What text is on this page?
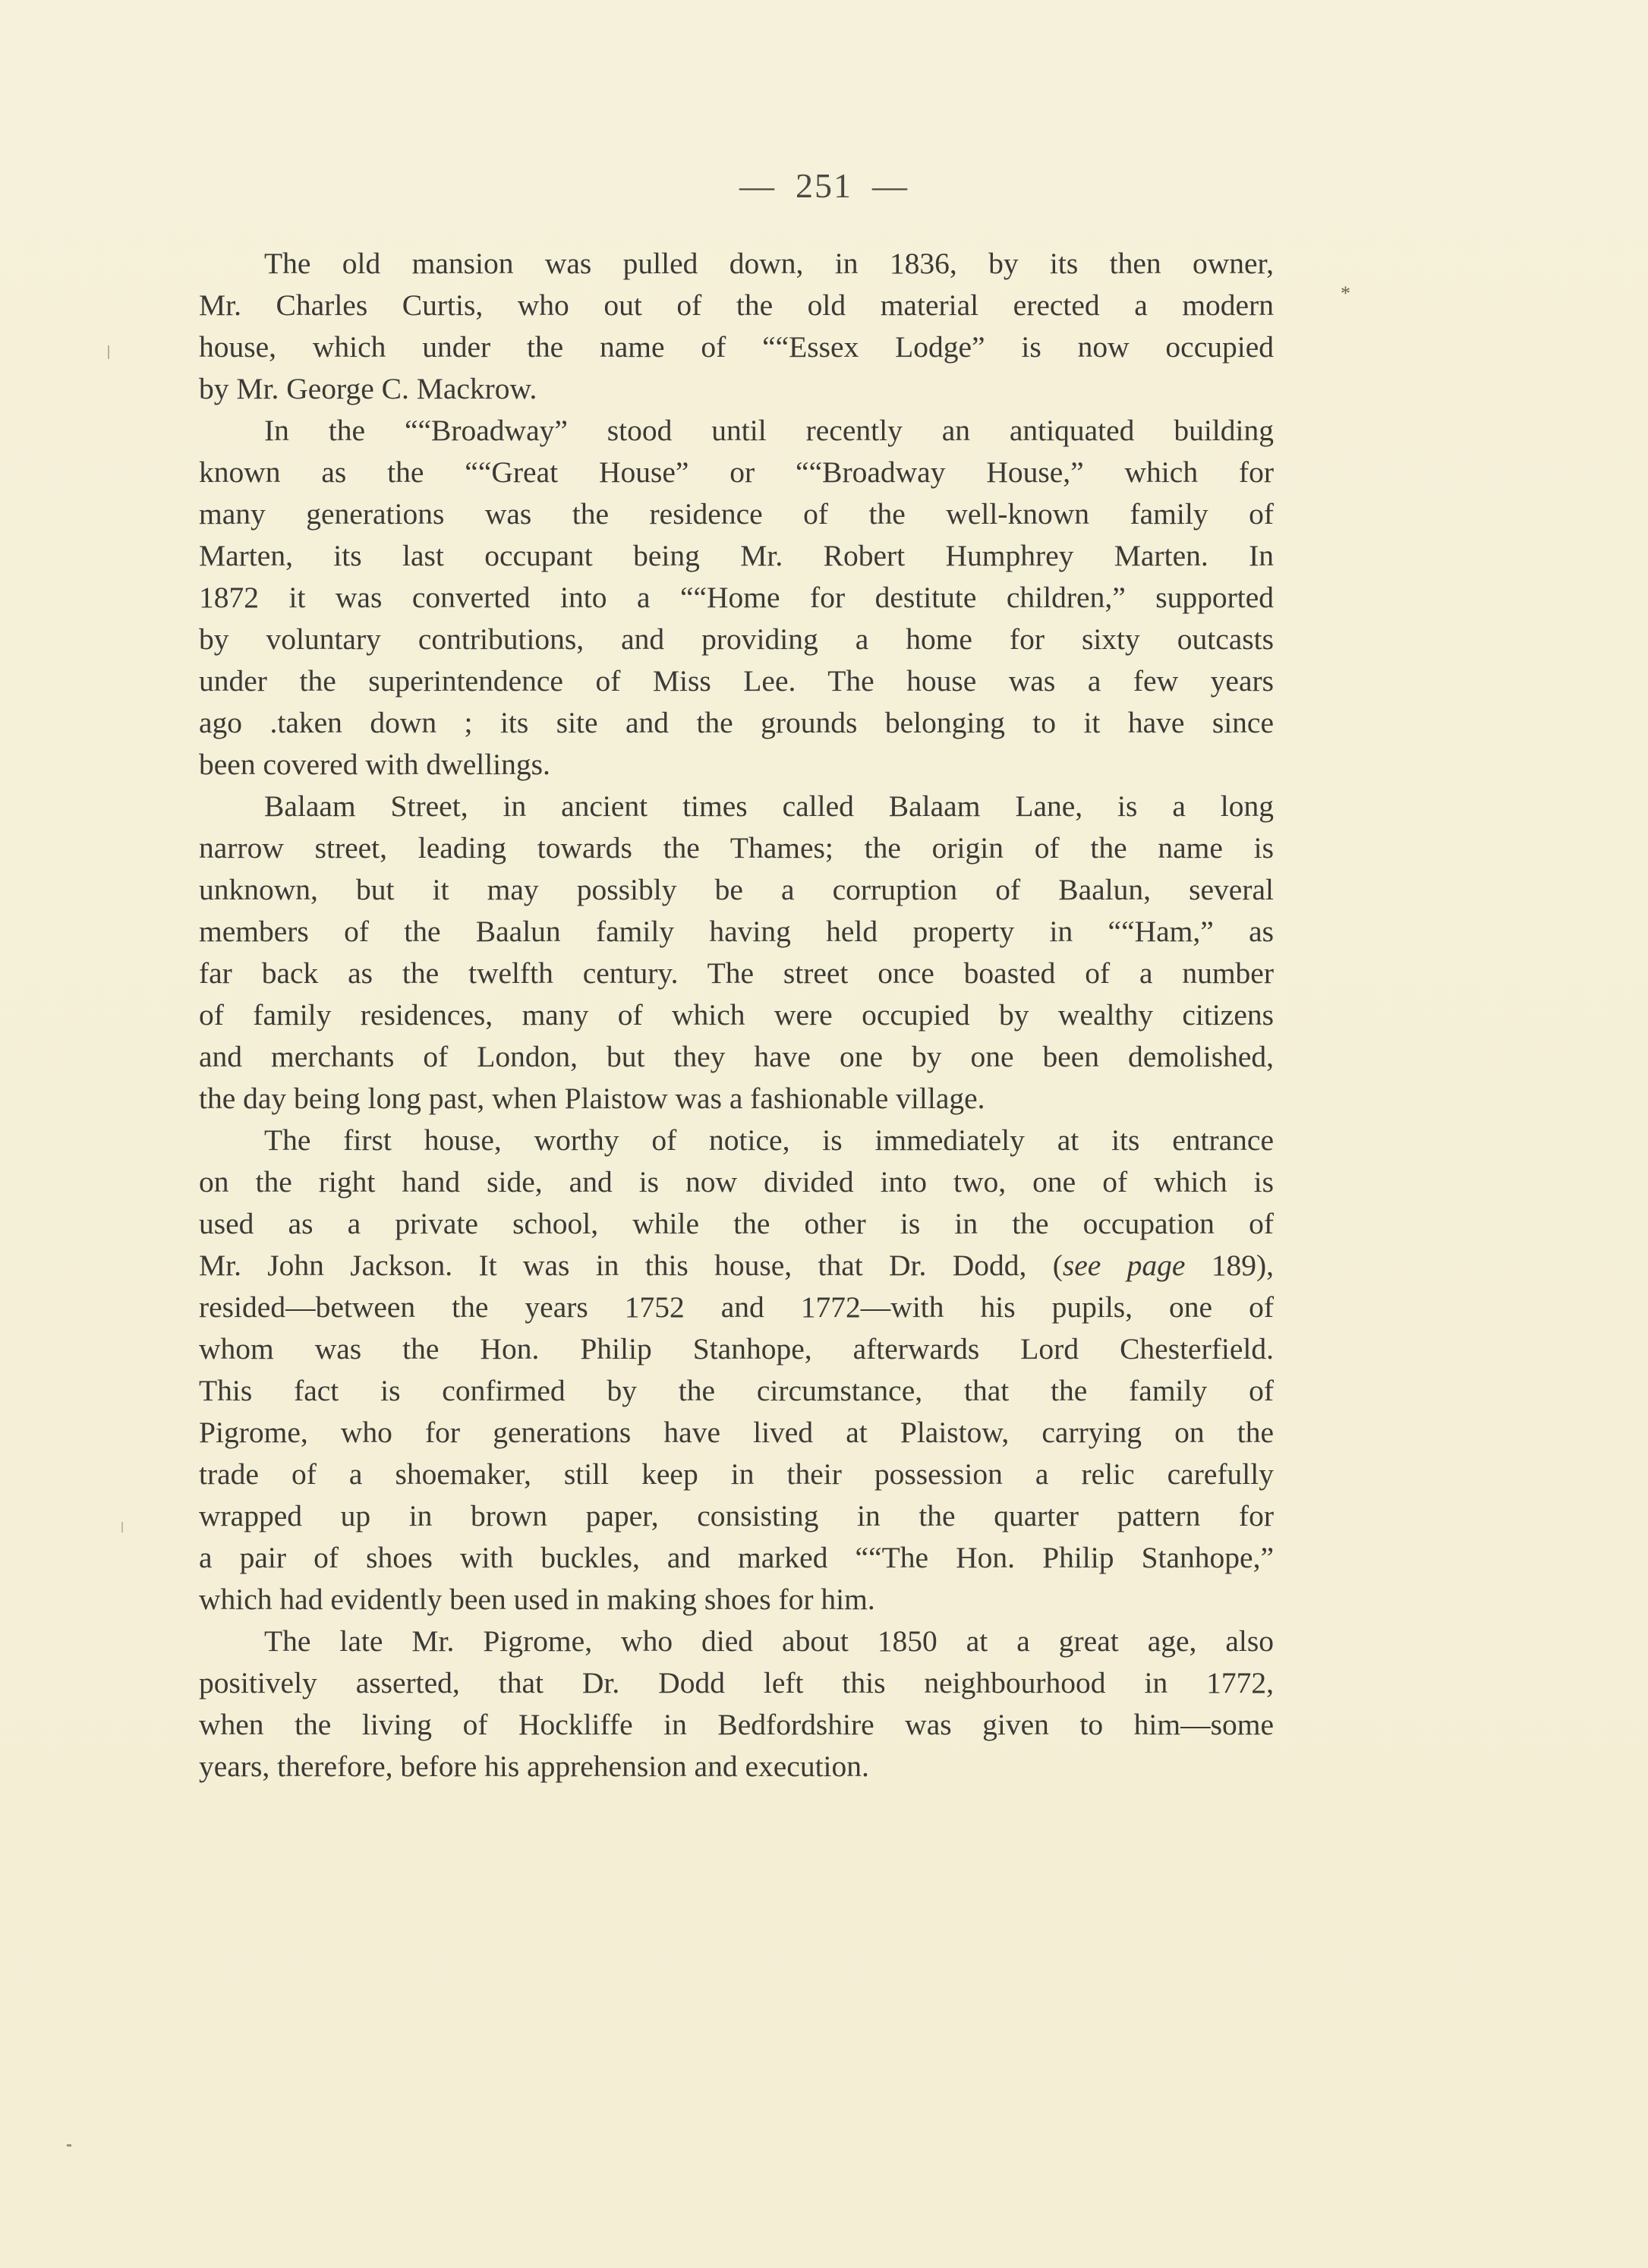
— 251 —
The old mansion was pulled down, in 1836, by its then owner,
Mr. Charles Curtis, who out of the old material erected a modern
house, which under the name of ““Essex Lodge” is now occupied
by Mr. George C. Mackrow.
In the ““Broadway” stood until recently an antiquated building
known as the ““Great House” or ““Broadway House,” which for
many generations was the residence of the well-known family of
Marten, its last occupant being Mr. Robert Humphrey Marten. In
1872 it was converted into a ““Home for destitute children,” supported
by voluntary contributions, and providing a home for sixty outcasts
under the superintendence of Miss Lee. The house was a few years
ago .taken down ; its site and the grounds belonging to it have since
been covered with dwellings.
Balaam Street, in ancient times called Balaam Lane, is a long
narrow street, leading towards the Thames; the origin of the name is
unknown, but it may possibly be a corruption of Baalun, several
members of the Baalun family having held property in ““Ham,” as
far back as the twelfth century. The street once boasted of a number
of family residences, many of which were occupied by wealthy citizens
and merchants of London, but they have one by one been demolished,
the day being long past, when Plaistow was a fashionable village.
The first house, worthy of notice, is immediately at its entrance
on the right hand side, and is now divided into two, one of which is
used as a private school, while the other is in the occupation of
Mr. John Jackson. It was in this house, that Dr. Dodd, (see page 189),
resided—between the years 1752 and 1772—with his pupils, one of
whom was the Hon. Philip Stanhope, afterwards Lord Chesterfield.
This fact is confirmed by the circumstance, that the family of
Pigrome, who for generations have lived at Plaistow, carrying on the
trade of a shoemaker, still keep in their possession a relic carefully
wrapped up in brown paper, consisting in the quarter pattern for
a pair of shoes with buckles, and marked ““The Hon. Philip Stanhope,”
which had evidently been used in making shoes for him.
The late Mr. Pigrome, who died about 1850 at a great age, also
positively asserted, that Dr. Dodd left this neighbourhood in 1772,
when the living of Hockliffe in Bedfordshire was given to him—some
years, therefore, before his apprehension and execution.
*
